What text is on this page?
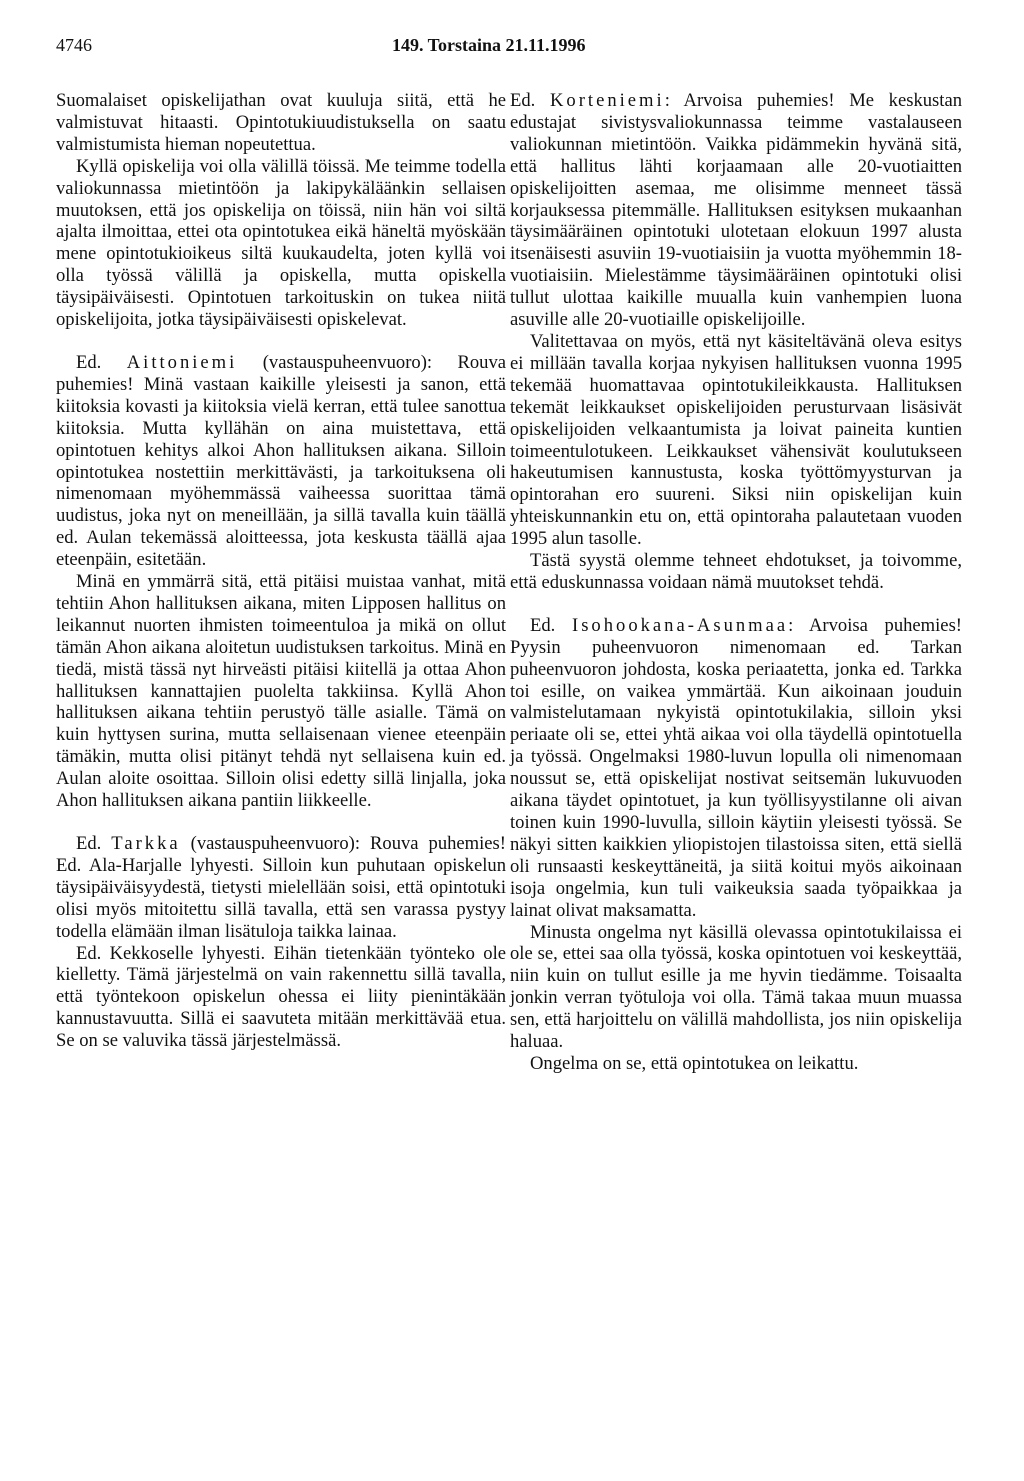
4746	149. Torstaina 21.11.1996

Suomalaiset opiskelijathan ovat kuuluja siitä, että he valmistuvat hitaasti. Opintotukiuudistuksella on saatu valmistumista hieman nopeutettua.

Kyllä opiskelija voi olla välillä töissä. Me teimme todella valiokunnassa mietintöön ja lakipykäläänkin sellaisen muutoksen, että jos opiskelija on töissä, niin hän voi siltä ajalta ilmoittaa, ettei ota opintotukea eikä häneltä myöskään mene opintotukioikeus siltä kuukaudelta, joten kyllä voi olla työssä välillä ja opiskella, mutta opiskella täysipäiväisesti. Opintotuen tarkoituskin on tukea niitä opiskelijoita, jotka täysipäiväisesti opiskelevat.

Ed. Aittoniemi (vastauspuheenvuoro): Rouva puhemies! Minä vastaan kaikille yleisesti ja sanon, että kiitoksia kovasti ja kiitoksia vielä kerran, että tulee sanottua kiitoksia. Mutta kyllähän on aina muistettava, että opintotuen kehitys alkoi Ahon hallituksen aikana. Silloin opintotukea nostettiin merkittävästi, ja tarkoituksena oli nimenomaan myöhemmässä vaiheessa suorittaa tämä uudistus, joka nyt on meneillään, ja sillä tavalla kuin täällä ed. Aulan tekemässä aloitteessa, jota keskusta täällä ajaa eteenpäin, esitetään.

Minä en ymmärrä sitä, että pitäisi muistaa vanhat, mitä tehtiin Ahon hallituksen aikana, miten Lipposen hallitus on leikannut nuorten ihmisten toimeentuloa ja mikä on ollut tämän Ahon aikana aloitetun uudistuksen tarkoitus. Minä en tiedä, mistä tässä nyt hirveästi pitäisi kiitellä ja ottaa Ahon hallituksen kannattajien puolelta takkiinsa. Kyllä Ahon hallituksen aikana tehtiin perustyö tälle asialle. Tämä on kuin hyttysen surina, mutta sellaisenaan vienee eteenpäin tämäkin, mutta olisi pitänyt tehdä nyt sellaisena kuin ed. Aulan aloite osoittaa. Silloin olisi edetty sillä linjalla, joka Ahon hallituksen aikana pantiin liikkeelle.

Ed. Tarkka (vastauspuheenvuoro): Rouva puhemies! Ed. Ala-Harjalle lyhyesti. Silloin kun puhutaan opiskelun täysipäiväisyydestä, tietysti mielellään soisi, että opintotuki olisi myös mitoitettu sillä tavalla, että sen varassa pystyy todella elämään ilman lisätuloja taikka lainaa.

Ed. Kekkoselle lyhyesti. Eihän tietenkään työnteko ole kielletty. Tämä järjestelmä on vain rakennettu sillä tavalla, että työntekoon opiskelun ohessa ei liity pienintäkään kannustavuutta. Sillä ei saavuteta mitään merkittävää etua. Se on se valuvika tässä järjestelmässä.

Ed. Korteniemi: Arvoisa puhemies! Me keskustan edustajat sivistysvaliokunnassa teimme vastalauseen valiokunnan mietintöön. Vaikka pidämmekin hyvänä sitä, että hallitus lähti korjaamaan alle 20-vuotiaitten opiskelijoitten asemaa, me olisimme menneet tässä korjauksessa pitemmälle. Hallituksen esityksen mukaanhan täysimääräinen opintotuki ulotetaan elokuun 1997 alusta itsenäisesti asuviin 19-vuotiaisiin ja vuotta myöhemmin 18-vuotiaisiin. Mielestämme täysimääräinen opintotuki olisi tullut ulottaa kaikille muualla kuin vanhempien luona asuville alle 20-vuotiaille opiskelijoille.

Valitettavaa on myös, että nyt käsiteltävänä oleva esitys ei millään tavalla korjaa nykyisen hallituksen vuonna 1995 tekemää huomattavaa opintotukileikkausta. Hallituksen tekemät leikkaukset opiskelijoiden perusturvaan lisäsivät opiskelijoiden velkaantumista ja loivat paineita kuntien toimeentulotukeen. Leikkaukset vähensivät koulutukseen hakeutumisen kannustusta, koska työttömyysturvan ja opintorahan ero suureni. Siksi niin opiskelijan kuin yhteiskunnankin etu on, että opintoraha palautetaan vuoden 1995 alun tasolle.

Tästä syystä olemme tehneet ehdotukset, ja toivomme, että eduskunnassa voidaan nämä muutokset tehdä.

Ed. Isohookana-Asunmaa: Arvoisa puhemies! Pyysin puheenvuoron nimenomaan ed. Tarkan puheenvuoron johdosta, koska periaatetta, jonka ed. Tarkka toi esille, on vaikea ymmärtää. Kun aikoinaan jouduin valmistelutamaan nykyistä opintotukilakia, silloin yksi periaate oli se, ettei yhtä aikaa voi olla täydellä opintotuella ja työssä. Ongelmaksi 1980-luvun lopulla oli nimenomaan noussut se, että opiskelijat nostivat seitsemän lukuvuoden aikana täydet opintotuet, ja kun työllisyystilanne oli aivan toinen kuin 1990-luvulla, silloin käytiin yleisesti työssä. Se näkyi sitten kaikkien yliopistojen tilastoissa siten, että siellä oli runsaasti keskeyttäneitä, ja siitä koitui myös aikoinaan isoja ongelmia, kun tuli vaikeuksia saada työpaikkaa ja lainat olivat maksamatta.

Minusta ongelma nyt käsillä olevassa opintotukilaissa ei ole se, ettei saa olla työssä, koska opintotuen voi keskeyttää, niin kuin on tullut esille ja me hyvin tiedämme. Toisaalta jonkin verran työtuloja voi olla. Tämä takaa muun muassa sen, että harjoittelu on välillä mahdollista, jos niin opiskelija haluaa.

Ongelma on se, että opintotukea on leikattu.
